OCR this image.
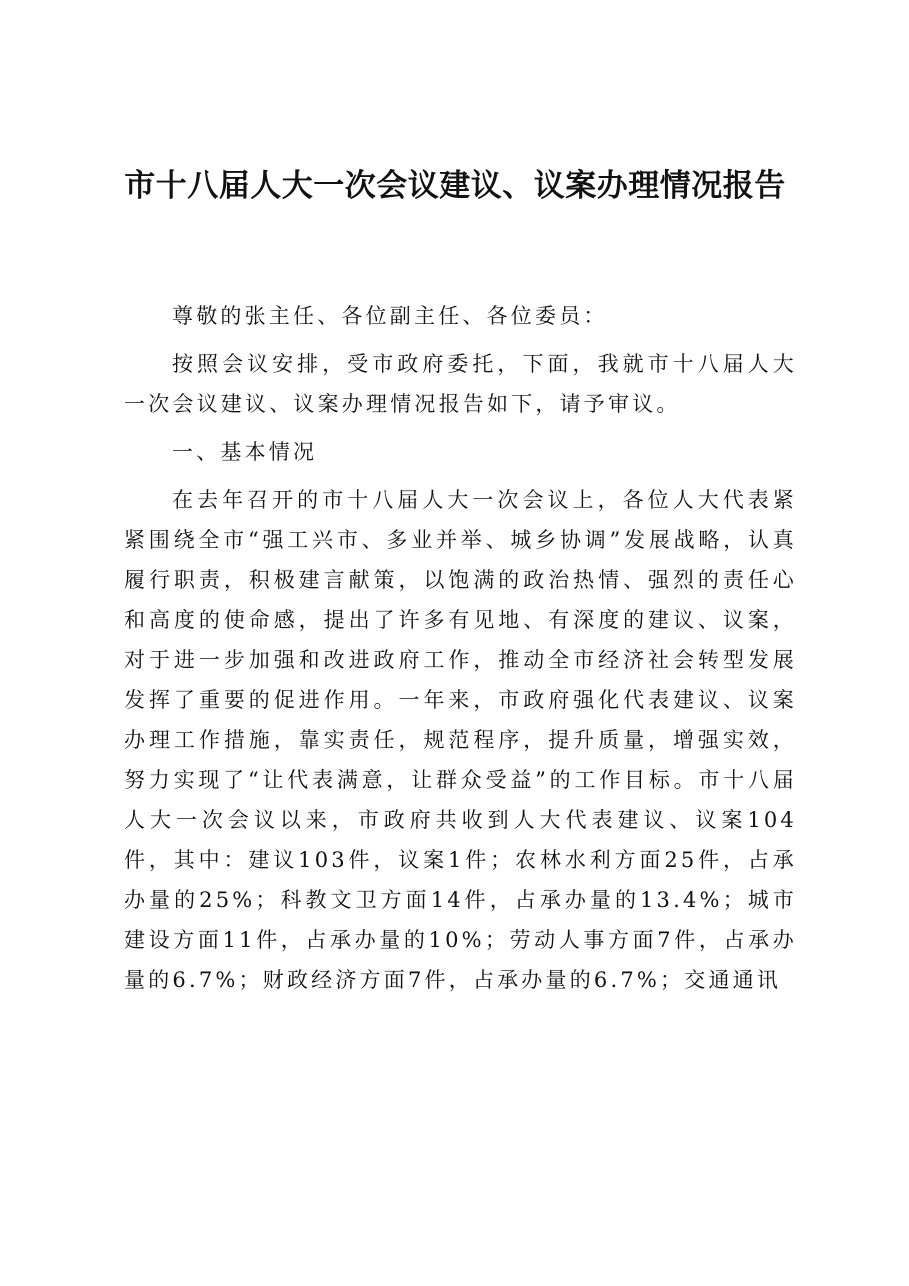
市十八届人大一次会议建议、议案办理情况报告

尊敬的张主任、各位副主任、各位委员：

按照会议安排，受市政府委托，下面，我就市十八届人大一次会议建议、议案办理情况报告如下，请予审议。

一、基本情况

在去年召开的市十八届人大一次会议上，各位人大代表紧紧围绕全市“强工兴市、多业并举、城乡协调”发展战略，认真履行职责，积极建言献策，以饱满的政治热情、强烈的责任心和高度的使命感，提出了许多有见地、有深度的建议、议案，对于进一步加强和改进政府工作，推动全市经济社会转型发展发挥了重要的促进作用。一年来，市政府强化代表建议、议案办理工作措施，靠实责任，规范程序，提升质量，增强实效，努力实现了“让代表满意，让群众受益”的工作目标。市十八届人大一次会议以来，市政府共收到人大代表建议、议案104件，其中：建议103件，议案1件；农林水利方面25件，占承办量的25%；科教文卫方面14件，占承办量的13.4%；城市建设方面11件，占承办量的10%；劳动人事方面7件，占承办量的6.7%；财政经济方面7件，占承办量的6.7%；交通通讯
